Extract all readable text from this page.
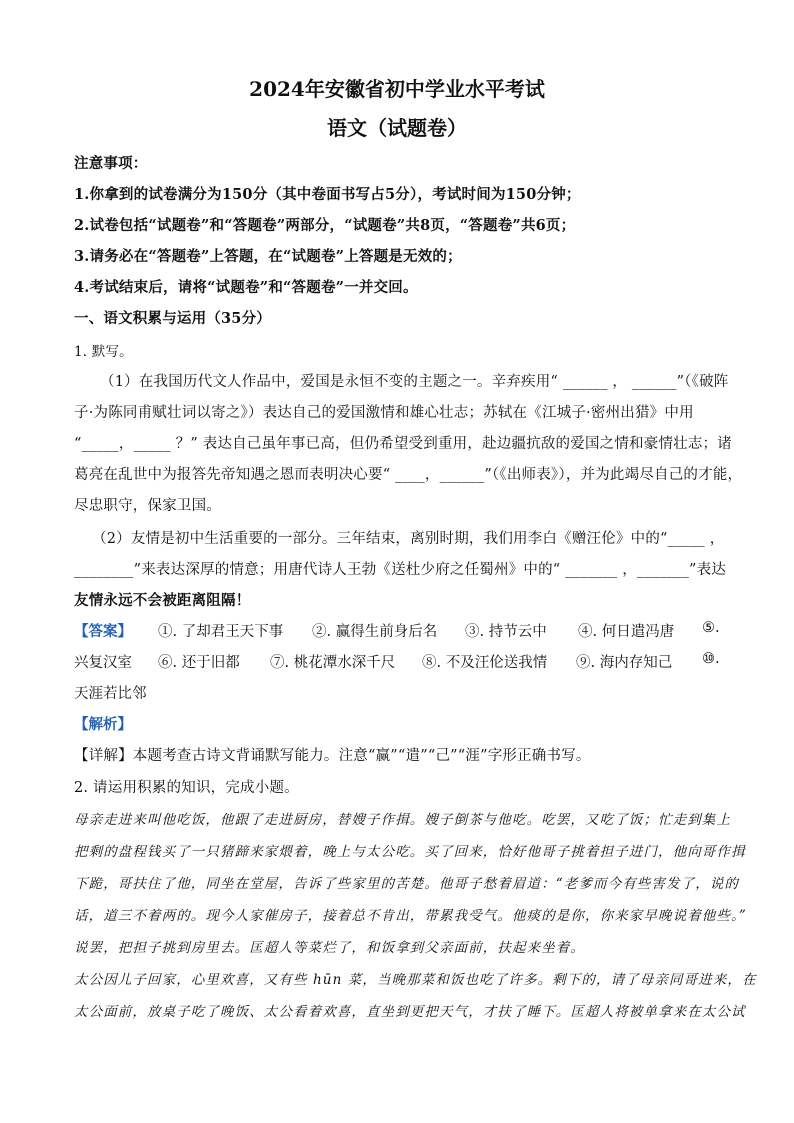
2024年安徽省初中学业水平考试
语文（试题卷）
注意事项：
1.你拿到的试卷满分为150分（其中卷面书写占5分），考试时间为150分钟；
2.试卷包括“试题卷”和“答题卷”两部分，“试题卷”共8页，“答题卷”共6页；
3.请务必在“答题卷”上答题，在“试题卷”上答题是无效的；
4.考试结束后，请将“试题卷”和“答题卷”一并交回。
一、语文积累与运用（35分）
1. 默写。
（1）在我国历代文人作品中，爱国是永恒不变的主题之一。辛弃疾用“ ______ ， ______”（《破阵
子·为陈同甫赋壮词以寄之》）表达自己的爱国激情和雄心壮志；苏轼在《江城子·密州出猎》中用
“_____，_____ ？” 表达自己虽年事已高，但仍希望受到重用，赴边疆抗敌的爱国之情和豪情壮志；诸
葛亮在乱世中为报答先帝知遇之恩而表明决心要“ ____，______”（《出师表》），并为此竭尽自己的才能，
尽忠职守，保家卫国。
（2）友情是初中生活重要的一部分。三年结束，离别时期，我们用李白《赠汪伦》中的“_____ ，
________”来表达深厚的情意；用唐代诗人王勃《送杜少府之任蜀州》中的“ _______ ，_______”表达
友情永远不会被距离阻隔！
【答案】 ①. 了却君王天下事 ②. 赢得生前身后名 ③. 持节云中 ④. 何日遣冯唐 ⑤.
兴复汉室 ⑥. 还于旧都 ⑦. 桃花潭水深千尺 ⑧. 不及汪伦送我情 ⑨. 海内存知己 ⑩.
天涯若比邻
【解析】
【详解】本题考查古诗文背诵默写能力。注意“赢”“遣”“己”“涯”字形正确书写。
2. 请运用积累的知识，完成小题。
母亲走进来叫他吃饭，他跟了走进厨房，替嫂子作揖。嫂子倒茶与他吃。吃罢，又吃了饭；忙走到集上
把剩的盘程钱买了一只猪蹄来家煨着，晚上与太公吃。买了回来，恰好他哥子挑着担子进门，他向哥作揖
下跪，哥扶住了他，同坐在堂屋，告诉了些家里的苦楚。他哥子愁着眉道：“老爹而今有些害发了，说的
话，道三不着两的。现今人家催房子，接着总不肯出，带累我受气。他痰的是你，你来家早晚说着他些。”
说罢，把担子挑到房里去。匡超人等菜烂了，和饭拿到父亲面前，扶起来坐着。
太公因儿子回家，心里欢喜，又有些 hūn 菜，当晚那菜和饭也吃了许多。剩下的，请了母亲同哥进来，在
太公面前，放桌子吃了晚饭、太公看着欢喜，直坐到更把天气，才扶了睡下。匡超人将被单拿来在太公试
